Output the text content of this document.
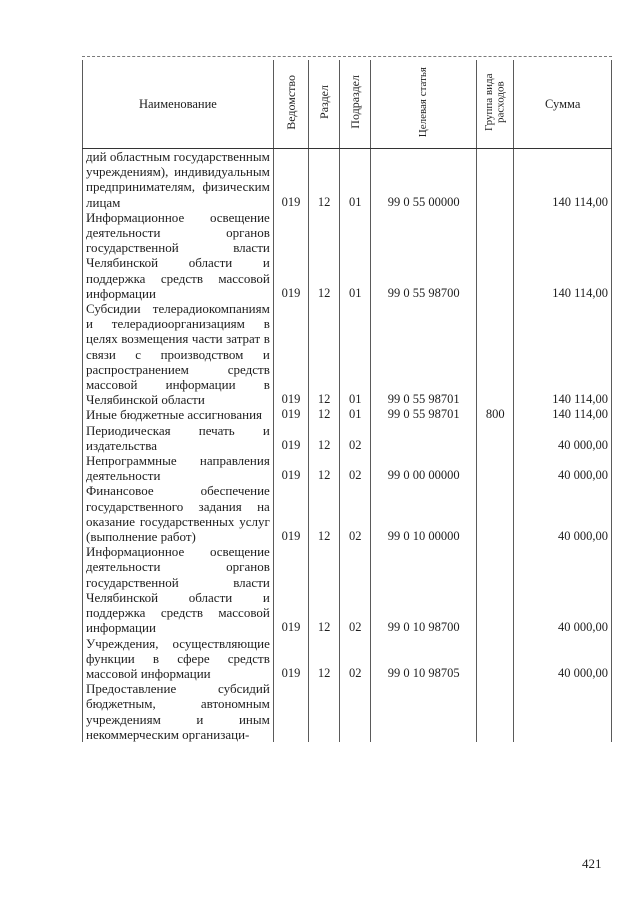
Наименование	Ведомство	Раздел	Подраздел	Целевая статья	Группа вида расходов	Сумма
дий областным государственным учреждениям), индивидуальным предпринимателям, физическим лицам	019	12	01	99 0 55 00000		140 114,00
Информационное освещение деятельности органов государственной власти Челябинской области и поддержка средств массовой информации	019	12	01	99 0 55 98700		140 114,00
Субсидии телерадиокомпаниям и телерадиоорганизациям в целях возмещения части затрат в связи с производством и распространением средств массовой информации в Челябинской области	019	12	01	99 0 55 98701		140 114,00
Иные бюджетные ассигнования	019	12	01	99 0 55 98701	800	140 114,00
Периодическая печать и издательства	019	12	02			40 000,00
Непрограммные направления деятельности	019	12	02	99 0 00 00000		40 000,00
Финансовое обеспечение государственного задания на оказание государственных услуг (выполнение работ)	019	12	02	99 0 10 00000		40 000,00
Информационное освещение деятельности органов государственной власти Челябинской области и поддержка средств массовой информации	019	12	02	99 0 10 98700		40 000,00
Учреждения, осуществляющие функции в сфере средств массовой информации	019	12	02	99 0 10 98705		40 000,00
Предоставление субсидий бюджетным, автономным учреждениям и иным некоммерческим организаци-						
421
